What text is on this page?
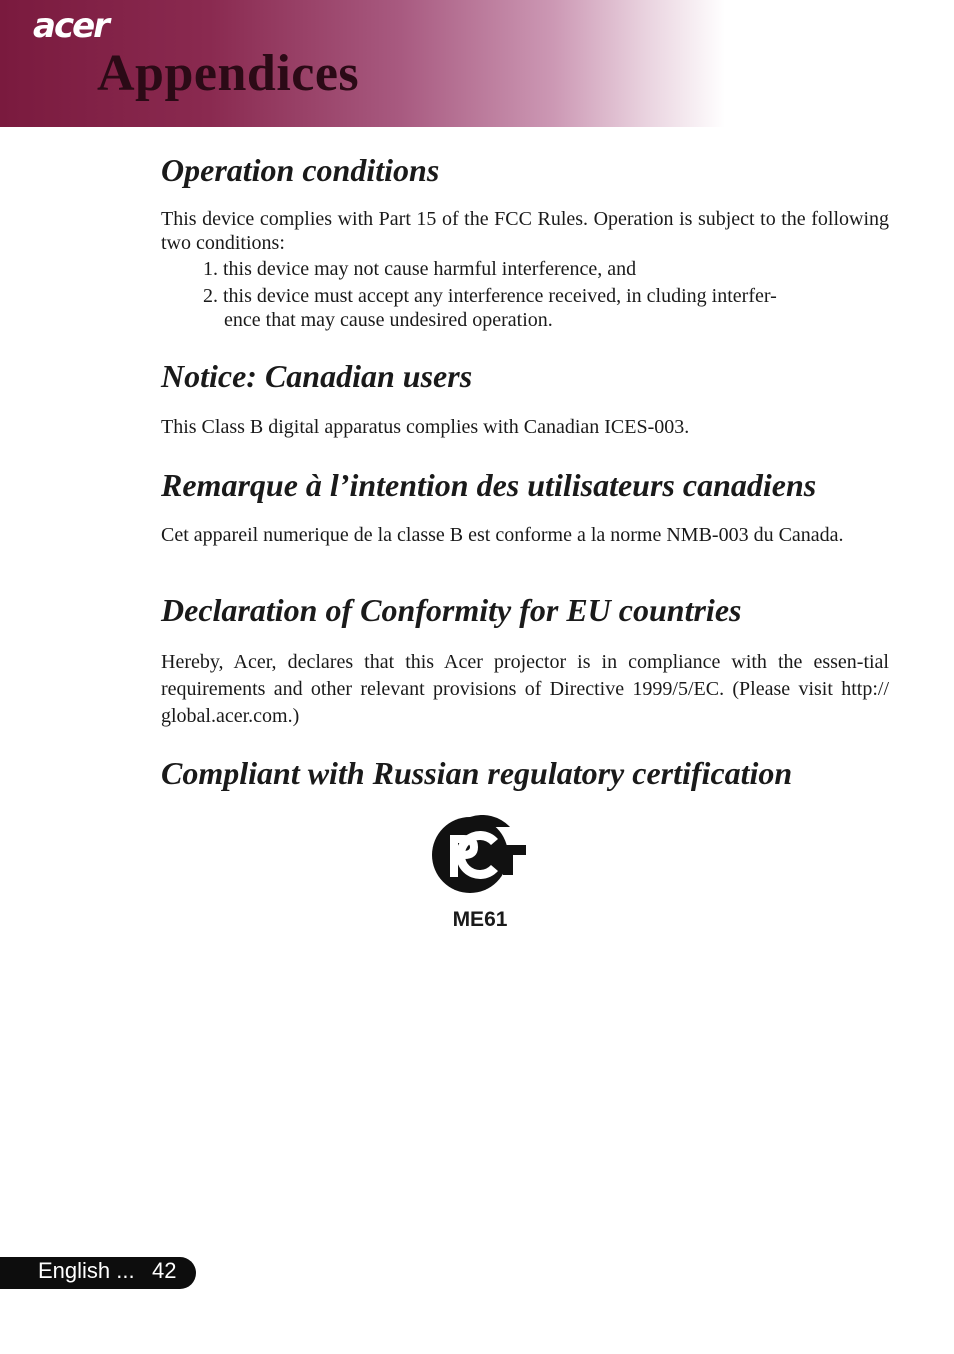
acer
Appendices
Operation conditions

This device complies with Part 15 of the FCC Rules. Operation is subject to the following two conditions:

1. this device may not cause harmful interference, and

2. this device must accept any interference received, in cluding interfer-

ence that may cause undesired operation.

Notice: Canadian users

This Class B digital apparatus complies with Canadian ICES-003.

Remarque à l’intention des utilisateurs canadiens

Cet appareil numerique de la classe B est conforme a la norme NMB-003 du Canada.

Declaration of Conformity for EU countries

Hereby, Acer, declares that this Acer projector is in compliance with the essen-tial requirements and other relevant provisions of Directive 1999/5/EC. (Please visit http:// global.acer.com.)

Compliant with Russian regulatory certification
ME61
English ... 42
